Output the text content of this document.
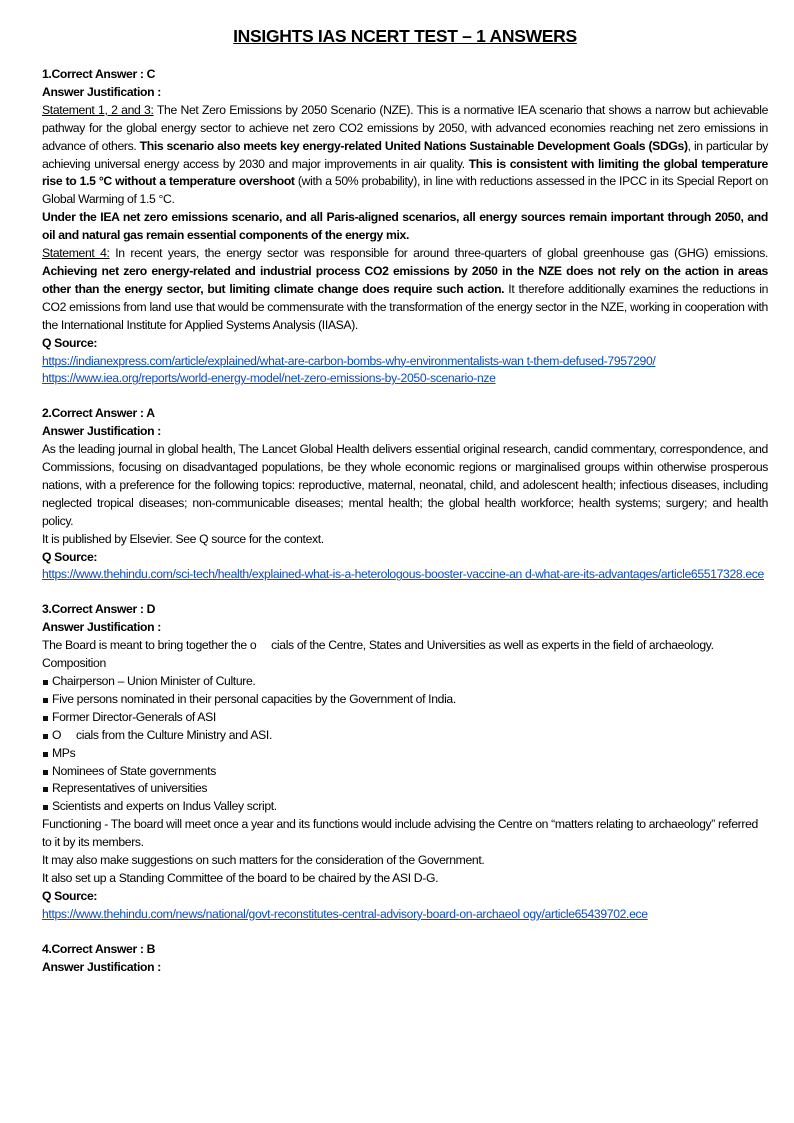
INSIGHTS IAS NCERT TEST – 1 ANSWERS

1.Correct Answer : C

Answer Justification :

Statement 1, 2 and 3: The Net Zero Emissions by 2050 Scenario (NZE). This is a normative IEA scenario that shows a narrow but achievable pathway for the global energy sector to achieve net zero CO2 emissions by 2050, with advanced economies reaching net zero emissions in advance of others. This scenario also meets key energy-related United Nations Sustainable Development Goals (SDGs), in particular by achieving universal energy access by 2030 and major improvements in air quality. This is consistent with limiting the global temperature rise to 1.5 °C without a temperature overshoot (with a 50% probability), in line with reductions assessed in the IPCC in its Special Report on Global Warming of 1.5 °C.

Under the IEA net zero emissions scenario, and all Paris-aligned scenarios, all energy sources remain important through 2050, and oil and natural gas remain essential components of the energy mix.

Statement 4: In recent years, the energy sector was responsible for around three-quarters of global greenhouse gas (GHG) emissions. Achieving net zero energy-related and industrial process CO2 emissions by 2050 in the NZE does not rely on the action in areas other than the energy sector, but limiting climate change does require such action. It therefore additionally examines the reductions in CO2 emissions from land use that would be commensurate with the transformation of the energy sector in the NZE, working in cooperation with the International Institute for Applied Systems Analysis (IIASA).

Q Source:

https://indianexpress.com/article/explained/what-are-carbon-bombs-why-environmentalists-wan t-them-defused-7957290/
https://www.iea.org/reports/world-energy-model/net-zero-emissions-by-2050-scenario-nze

2.Correct Answer : A

Answer Justification :

As the leading journal in global health, The Lancet Global Health delivers essential original research, candid commentary, correspondence, and Commissions, focusing on disadvantaged populations, be they whole economic regions or marginalised groups within otherwise prosperous nations, with a preference for the following topics: reproductive, maternal, neonatal, child, and adolescent health; infectious diseases, including neglected tropical diseases; non-communicable diseases; mental health; the global health workforce; health systems; surgery; and health policy.

It is published by Elsevier. See Q source for the context.

Q Source:

https://www.thehindu.com/sci-tech/health/explained-what-is-a-heterologous-booster-vaccine-an d-what-are-its-advantages/article65517328.ece

3.Correct Answer : D

Answer Justification :

The Board is meant to bring together the o  cials of the Centre, States and Universities as well as experts in the field of archaeology.

Composition

Chairperson – Union Minister of Culture.
Five persons nominated in their personal capacities by the Government of India.
Former Director-Generals of ASI
O  cials from the Culture Ministry and ASI.
MPs
Nominees of State governments
Representatives of universities
Scientists and experts on Indus Valley script.

Functioning - The board will meet once a year and its functions would include advising the Centre on “matters relating to archaeology” referred to it by its members.

It may also make suggestions on such matters for the consideration of the Government.

It also set up a Standing Committee of the board to be chaired by the ASI D-G.

Q Source:

https://www.thehindu.com/news/national/govt-reconstitutes-central-advisory-board-on-archaeol ogy/article65439702.ece

4.Correct Answer : B

Answer Justification :
